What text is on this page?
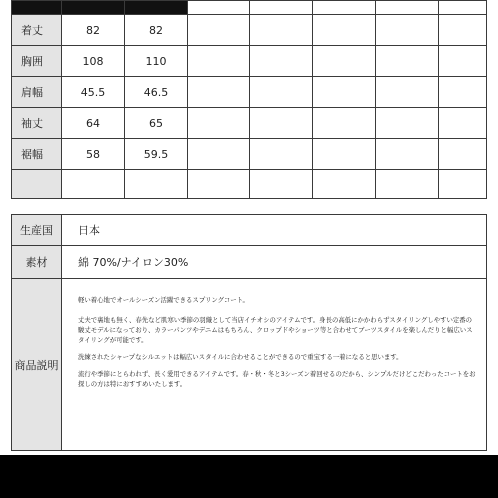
着丈	82	82					
胸囲	108	110					
肩幅	45.5	46.5					
袖丈	64	65					
裾幅	58	59.5					

生産国	日本
素材	綿 70%/ナイロン30%
商品説明	軽い着心地でオールシーズン活躍できるスプリングコート。

丈夫で裏地も無く、春先など肌寒い季節の羽織として当店イチオシのアイテムです。身長の高低にかかわらずスタイリングしやすい定番の駿丈モデルになっており、カラーパンツやデニムはもちろん、クロップドやショーツ等と合わせてブーツスタイルを楽しんだりと幅広いスタイリングが可能です。

洗練されたシャープなシルエットは幅広いスタイルに合わせることができるので重宝する一着になると思います。

流行や季節にとらわれず、長く愛用できるアイテムです。春・秋・冬と3シーズン着回せるのだから、シンプルだけどこだわったコートをお探しの方は特におすすめいたします。
